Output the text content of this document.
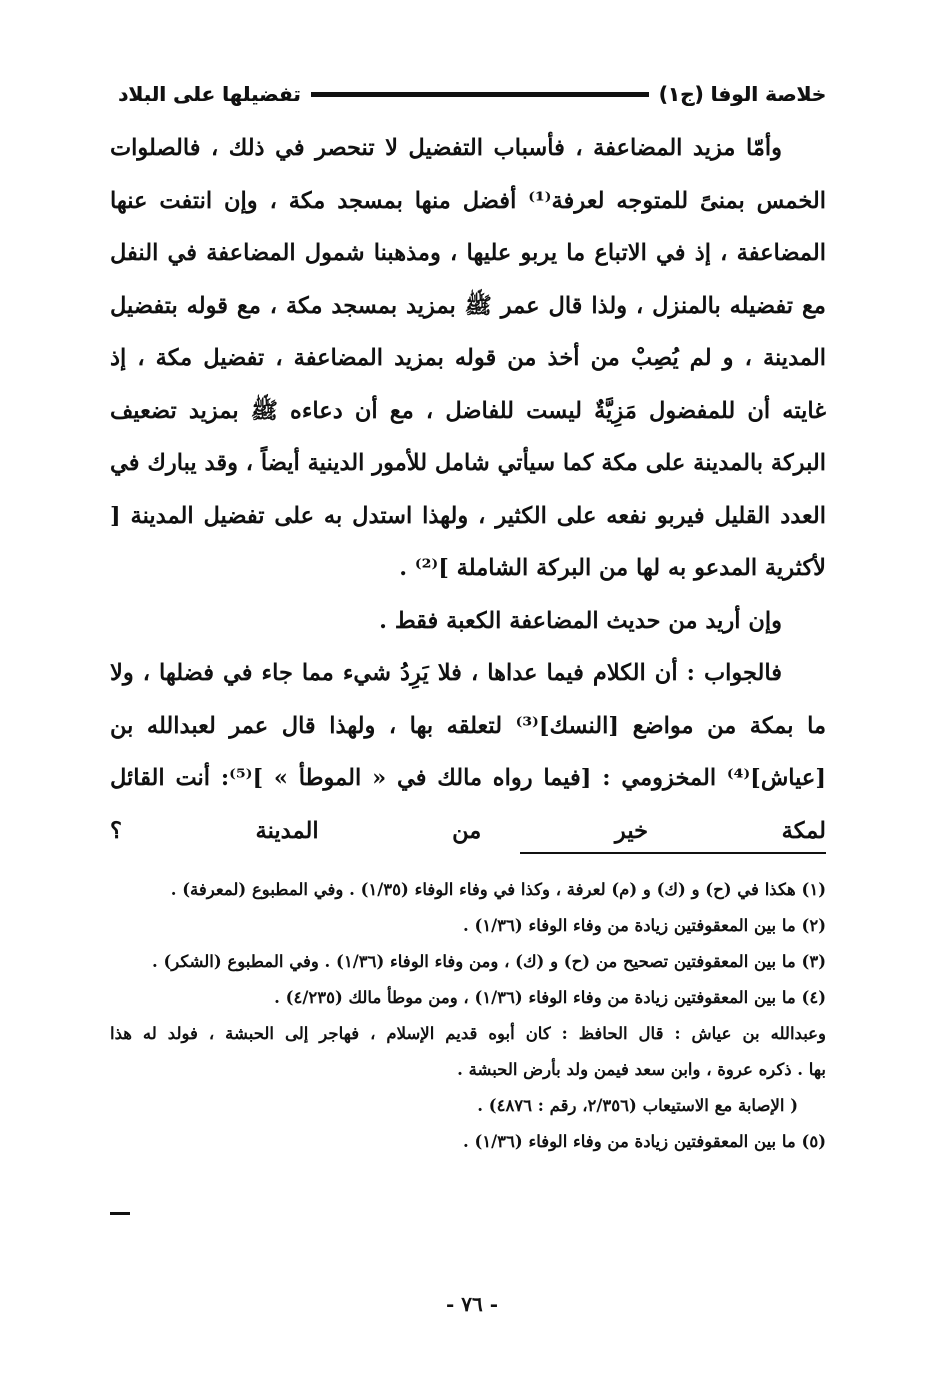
خلاصة الوفا (ج١)
تفضيلها على البلاد

وأمّا مزيد المضاعفة ، فأسباب التفضيل لا تنحصر في ذلك ، فالصلوات الخمس بمنىً للمتوجه لعرفة⁽¹⁾ أفضل منها بمسجد مكة ، وإن انتفت عنها المضاعفة ، إذ في الاتباع ما يربو عليها ، ومذهبنا شمول المضاعفة في النفل مع تفضيله بالمنزل ، ولذا قال عمر ﷺ بمزيد بمسجد مكة ، مع قوله بتفضيل المدينة ، و لم يُصِبْ من أخذ من قوله بمزيد المضاعفة ، تفضيل مكة ، إذ غايته أن للمفضول مَزِيَّةٌ ليست للفاضل ، مع أن دعاءه ﷺ بمزيد تضعيف البركة بالمدينة على مكة كما سيأتي شامل للأمور الدينية أيضاً ، وقد يبارك في العدد القليل فيربو نفعه على الكثير ، ولهذا استدل به على تفضيل المدينة [ لأكثرية المدعو به لها من البركة الشاملة ]⁽²⁾ .

وإن أريد من حديث المضاعفة الكعبة فقط .

فالجواب : أن الكلام فيما عداها ، فلا يَرِدُ شيء مما جاء في فضلها ، ولا ما بمكة من مواضع [النسك]⁽³⁾ لتعلقه بها ، ولهذا قال عمر لعبدالله بن [عياش]⁽⁴⁾ المخزومي : [فيما رواه مالك في « الموطأ » ]⁽⁵⁾: أنت القائل لمكة خير من المدينة ؟

(١) هكذا في (ح) و (ك) و (م) لعرفة ، وكذا في وفاء الوفاء (١/٣٥) . وفي المطبوع (لمعرفة) .

(٢) ما بين المعقوفتين زيادة من وفاء الوفاء (١/٣٦) .

(٣) ما بين المعقوفتين تصحيح من (ح) و (ك) ، ومن وفاء الوفاء (١/٣٦) . وفي المطبوع (الشكر) .

(٤) ما بين المعقوفتين زيادة من وفاء الوفاء (١/٣٦) ، ومن موطأ مالك (٤/٢٣٥) .

وعبدالله بن عياش : قال الحافظ : كان أبوه قديم الإسلام ، فهاجر إلى الحبشة ، فولد له هذا

بها . ذكره عروة ، وابن سعد فيمن ولد بأرض الحبشة .

( الإصابة مع الاستيعاب (٢/٣٥٦، رقم : ٤٨٧٦) .

(٥) ما بين المعقوفتين زيادة من وفاء الوفاء (١/٣٦) .

- ٧٦ -
